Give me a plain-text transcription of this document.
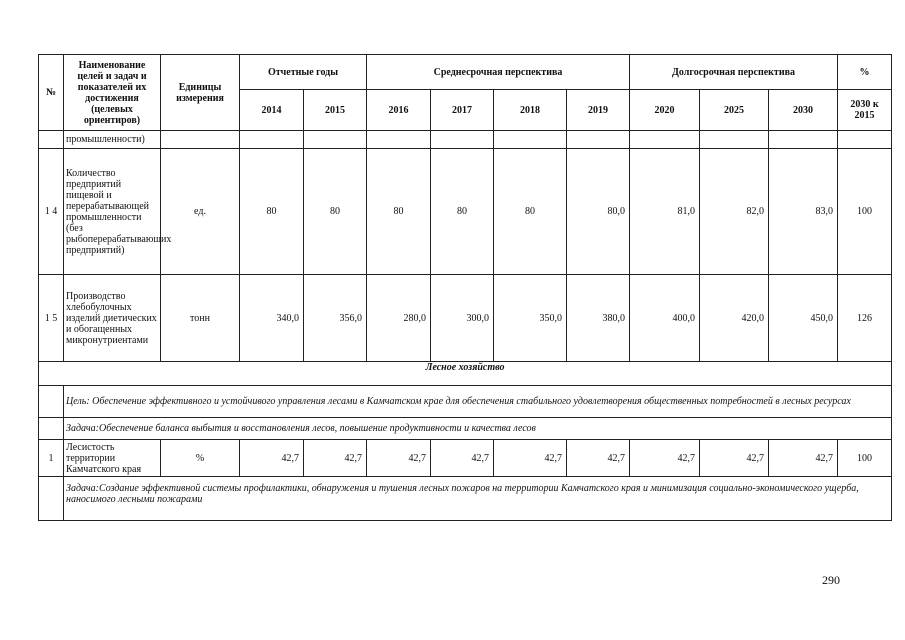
№	Наименование целей и задач и показателей их достижения (целевых ориентиров)	Единицы измерения	Отчетные годы		Среднесрочная перспектива				Долгосрочная перспектива			%
			2014	2015	2016	2017	2018	2019	2020	2025	2030	2030 к 2015
	промышленности)											
1 4	Количество предприятий пищевой и перерабатывающей промышленности (без рыбоперерабатывающих предприятий)	ед.	80	80	80	80	80	80,0	81,0	82,0	83,0	100
1 5	Производство хлебобулочных изделий диетических и обогащенных микронутриентами	тонн	340,0	356,0	280,0	300,0	350,0	380,0	400,0	420,0	450,0	126
Лесное хозяйство												
	Цель: Обеспечение эффективного и устойчивого управления лесами в Камчатском крае для обеспечения стабильного удовлетворения общественных потребностей в лесных ресурсах											
	Задача:Обеспечение баланса выбытия и восстановления лесов, повышение продуктивности и качества лесов											
1	Лесистость территории Камчатского края	%	42,7	42,7	42,7	42,7	42,7	42,7	42,7	42,7	42,7	100
	Задача:Создание эффективной системы профилактики, обнаружения и тушения лесных пожаров на территории Камчатского края и минимизация социально-экономического ущерба, наносимого лесными пожарами											
290
